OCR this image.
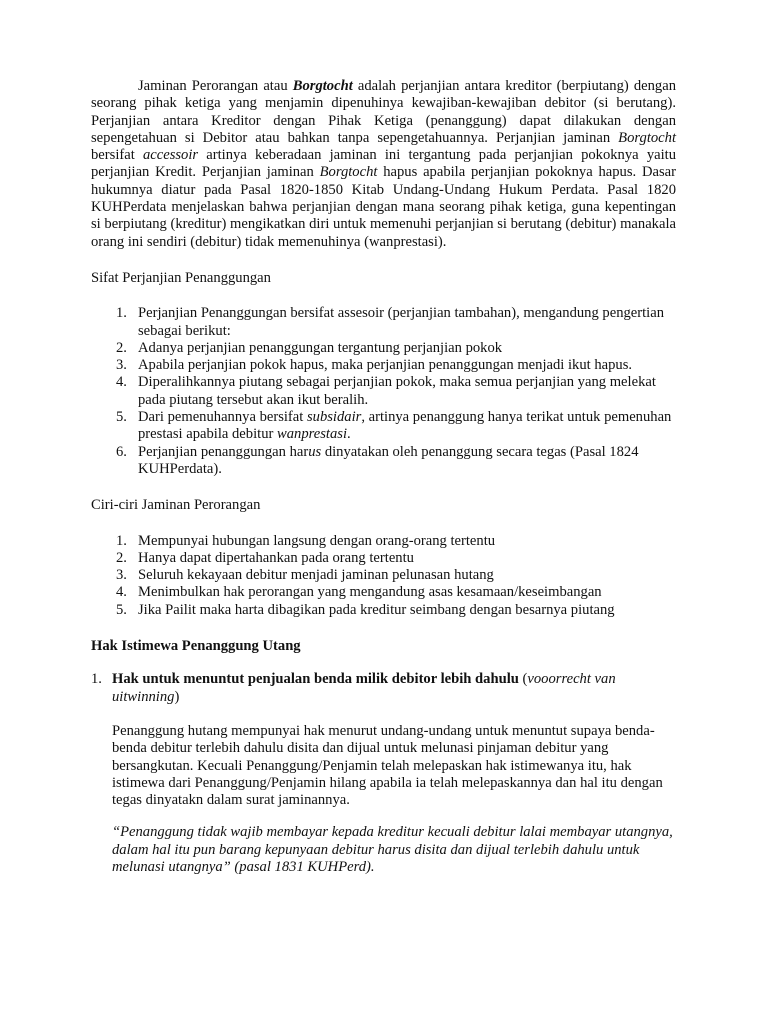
Jaminan Perorangan atau Borgtocht adalah perjanjian antara kreditor (berpiutang) dengan seorang pihak ketiga yang menjamin dipenuhinya kewajiban-kewajiban debitor (si berutang). Perjanjian antara Kreditor dengan Pihak Ketiga (penanggung) dapat dilakukan dengan sepengetahuan si Debitor atau bahkan tanpa sepengetahuannya. Perjanjian jaminan Borgtocht bersifat accessoir artinya keberadaan jaminan ini tergantung pada perjanjian pokoknya yaitu perjanjian Kredit. Perjanjian jaminan Borgtocht hapus apabila perjanjian pokoknya hapus. Dasar hukumnya diatur pada Pasal 1820-1850 Kitab Undang-Undang Hukum Perdata. Pasal 1820 KUHPerdata menjelaskan bahwa perjanjian dengan mana seorang pihak ketiga, guna kepentingan si berpiutang (kreditur) mengikatkan diri untuk memenuhi perjanjian si berutang (debitur) manakala orang ini sendiri (debitur) tidak memenuhinya (wanprestasi).

Sifat Perjanjian Penanggungan

1. Perjanjian Penanggungan bersifat assesoir (perjanjian tambahan), mengandung pengertian sebagai berikut:
2. Adanya perjanjian penanggungan tergantung perjanjian pokok
3. Apabila perjanjian pokok hapus, maka perjanjian penanggungan menjadi ikut hapus.
4. Diperalihkannya piutang sebagai perjanjian pokok, maka semua perjanjian yang melekat pada piutang tersebut akan ikut beralih.
5. Dari pemenuhannya bersifat subsidair, artinya penanggung hanya terikat untuk pemenuhan prestasi apabila debitur wanprestasi.
6. Perjanjian penanggungan harus dinyatakan oleh penanggung secara tegas (Pasal 1824 KUHPerdata).

Ciri-ciri Jaminan Perorangan

1. Mempunyai hubungan langsung dengan orang-orang tertentu
2. Hanya dapat dipertahankan pada orang tertentu
3. Seluruh kekayaan debitur menjadi jaminan pelunasan hutang
4. Menimbulkan hak perorangan yang mengandung asas kesamaan/keseimbangan
5. Jika Pailit maka harta dibagikan pada kreditur seimbang dengan besarnya piutang

Hak Istimewa Penanggung Utang

1. Hak untuk menuntut penjualan benda milik debitor lebih dahulu (vooorrecht van uitwinning)

Penanggung hutang mempunyai hak menurut undang-undang untuk menuntut supaya benda-benda debitur terlebih dahulu disita dan dijual untuk melunasi pinjaman debitur yang bersangkutan. Kecuali Penanggung/Penjamin telah melepaskan hak istimewanya itu, hak istimewa dari Penanggung/Penjamin hilang apabila ia telah melepaskannya dan hal itu dengan tegas dinyatakn dalam surat jaminannya.

“Penanggung tidak wajib membayar kepada kreditur kecuali debitur lalai membayar utangnya, dalam hal itu pun barang kepunyaan debitur harus disita dan dijual terlebih dahulu untuk melunasi utangnya” (pasal 1831 KUHPerd).
